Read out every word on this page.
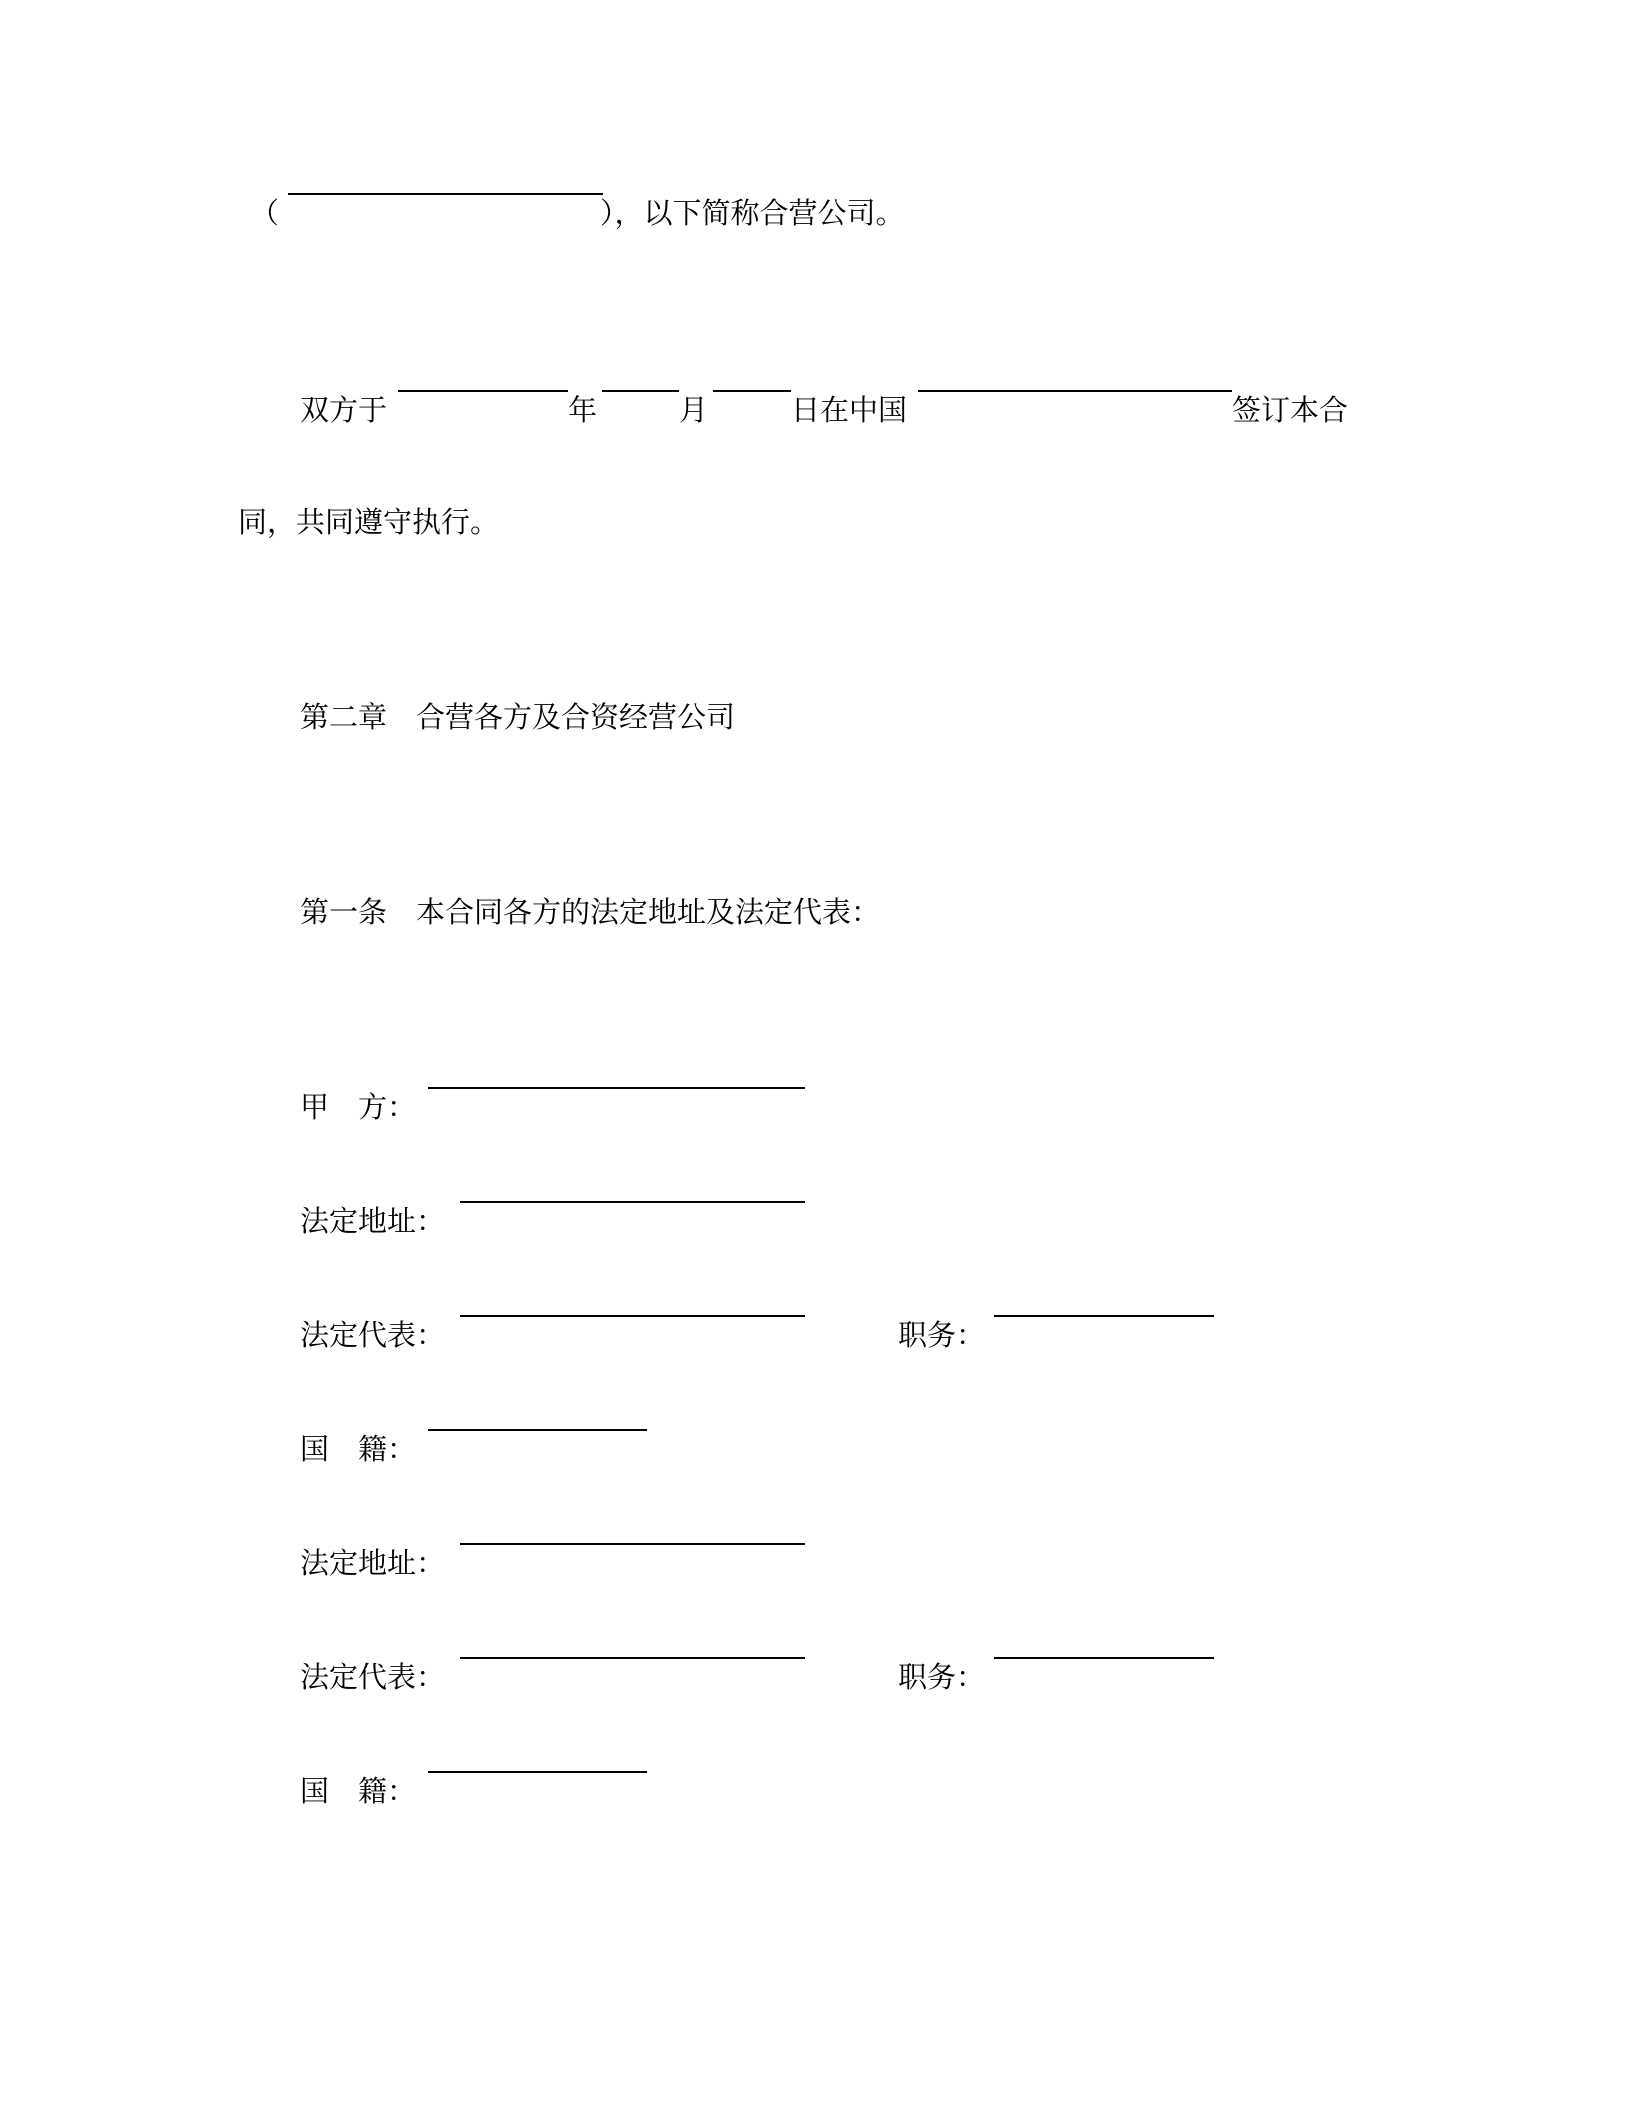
（	），以下简称合营公司。
双方于	年	月	日在中国	签订本合
同，共同遵守执行。
第二章　合营各方及合资经营公司
第一条　本合同各方的法定地址及法定代表：
甲　方：
法定地址：
法定代表：	职务：
国　籍：
法定地址：
法定代表：	职务：
国　籍：
